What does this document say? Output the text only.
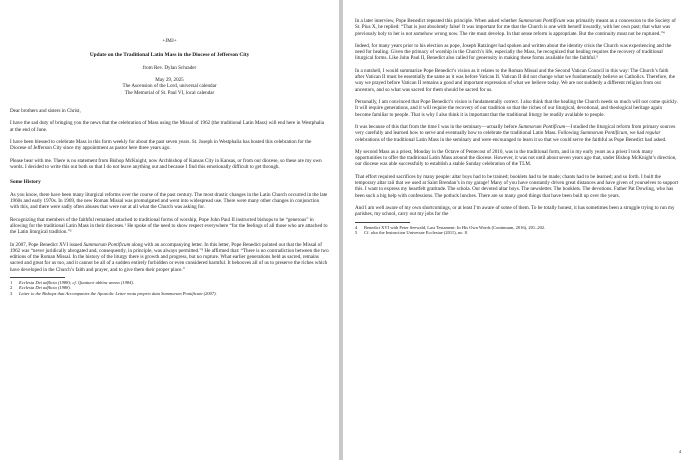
+JMJ+

Update on the Traditional Latin Mass in the Diocese of Jefferson City

from Rev. Dylan Schrader

May 29, 2025

The Ascension of the Lord, universal calendar

The Memorial of St. Paul VI, local calendar

Dear brothers and sisters in Christ,

I have the sad duty of bringing you the news that the celebration of Mass using the Missal of 1962 (the traditional Latin Mass) will end here in Westphalia at the end of June.

I have been blessed to celebrate Mass in this form weekly for about the past seven years. St. Joseph in Westphalia has hosted this celebration for the Diocese of Jefferson City since my appointment as pastor here three years ago.

Please bear with me. There is no statement from Bishop McKnight, now Archbishop of Kansas City in Kansas, or from our diocese, so these are my own words. I decided to write this out both so that I do not leave anything out and because I find this emotionally difficult to get through.

Some History

As you know, there have been many liturgical reforms over the course of the past century. The most drastic changes in the Latin Church occurred in the late 1960s and early 1970s. In 1969, the new Roman Missal was promulgated and went into widespread use. There were many other changes in conjunction with this, and there were sadly often abuses that were not at all what the Church was asking for.

Recognizing that members of the faithful remained attached to traditional forms of worship, Pope John Paul II instructed bishops to be “generous” in allowing for the traditional Latin Mass in their dioceses.¹ He spoke of the need to show respect everywhere “for the feelings of all those who are attached to the Latin liturgical tradition.”²

In 2007, Pope Benedict XVI issued Summorum Pontificum along with an accompanying letter. In this letter, Pope Benedict pointed out that the Missal of 1962 was “never juridically abrogated and, consequently, in principle, was always permitted.”³ He affirmed that: “There is no contradiction between the two editions of the Roman Missal. In the history of the liturgy there is growth and progress, but no rupture. What earlier generations held as sacred, remains sacred and great for us too, and it cannot be all of a sudden entirely forbidden or even considered harmful. It behooves all of us to preserve the riches which have developed in the Church’s faith and prayer, and to give them their proper place.”

1 Ecclesia Dei adflicta (1988); cf. Quattuor abhinc annos (1984).

2 Ecclesia Dei adflicta (1988).

3 Letter to the Bishops that Accompanies the Apostolic Letter motu proprio data Summorum Pontificum (2007).

In a later interview, Pope Benedict repeated this principle. When asked whether Summorum Pontificum was primarily meant as a concession to the Society of St. Pius X, he replied: “That is just absolutely false! It was important for me that the Church is one with herself inwardly, with her own past; that what was previously holy to her is not somehow wrong now. The rite must develop. In that sense reform is appropriate. But the continuity must not be ruptured.”⁴

Indeed, for many years prior to his election as pope, Joseph Ratzinger had spoken and written about the identity crisis the Church was experiencing and the need for healing. Given the primacy of worship in the Church’s life, especially the Mass, he recognized that healing requires the recovery of traditional liturgical forms. Like John Paul II, Benedict also called for generosity in making these forms available for the faithful.⁵

In a nutshell, I would summarize Pope Benedict’s vision as it relates to the Roman Missal and the Second Vatican Council in this way: The Church’s faith after Vatican II must be essentially the same as it was before Vatican II. Vatican II did not change what we fundamentally believe as Catholics. Therefore, the way we prayed before Vatican II remains a good and important expression of what we believe today. We are not suddenly a different religion from our ancestors, and so what was sacred for them should be sacred for us.

Personally, I am convinced that Pope Benedict’s vision is fundamentally correct. I also think that the healing the Church needs so much will not come quickly. It will require generations, and it will require the recovery of our tradition so that the riches of our liturgical, devotional, and theological heritage again become familiar to people. That is why I also think it is important that the traditional liturgy be readily available to people.

It was because of this that from the time I was in the seminary—actually before Summorum Pontificum—I studied the liturgical reform from primary sources very carefully and learned how to serve and eventually how to celebrate the traditional Latin Mass. Following Summorum Pontificum, we had regular celebrations of the traditional Latin Mass in the seminary and were encouraged to learn it so that we could serve the faithful as Pope Benedict had asked.

My second Mass as a priest, Monday in the Octave of Pentecost of 2010, was in the traditional form, and in my early years as a priest I took many opportunities to offer the traditional Latin Mass around the diocese. However, it was not until about seven years ago that, under Bishop McKnight’s direction, our diocese was able successfully to establish a stable Sunday celebration of the TLM.

That effort required sacrifices by many people: altar boys had to be trained; booklets had to be made; chants had to be learned; and so forth. I built the temporary altar rail that we used at Saint Brendan’s in my garage! Many of you have constantly driven great distances and have given of yourselves to support this. I want to express my heartfelt gratitude. The schola. Our devoted altar boys. The newsletter. The booklets. The devotions. Father Pat Dowling, who has been such a big help with confessions. The potluck lunches. There are so many good things that have been built up over the years.

And I am well aware of my own shortcomings, or at least I’m aware of some of them. To be totally honest, it has sometimes been a struggle trying to run my parishes, my school, carry out my jobs for the

4 Benedict XVI with Peter Seewald, Last Testament: In His Own Words (Continuum, 2016), 201–202.

5 Cf. also the Instruction Universae Ecclesiae (2011), no. 8.

4
